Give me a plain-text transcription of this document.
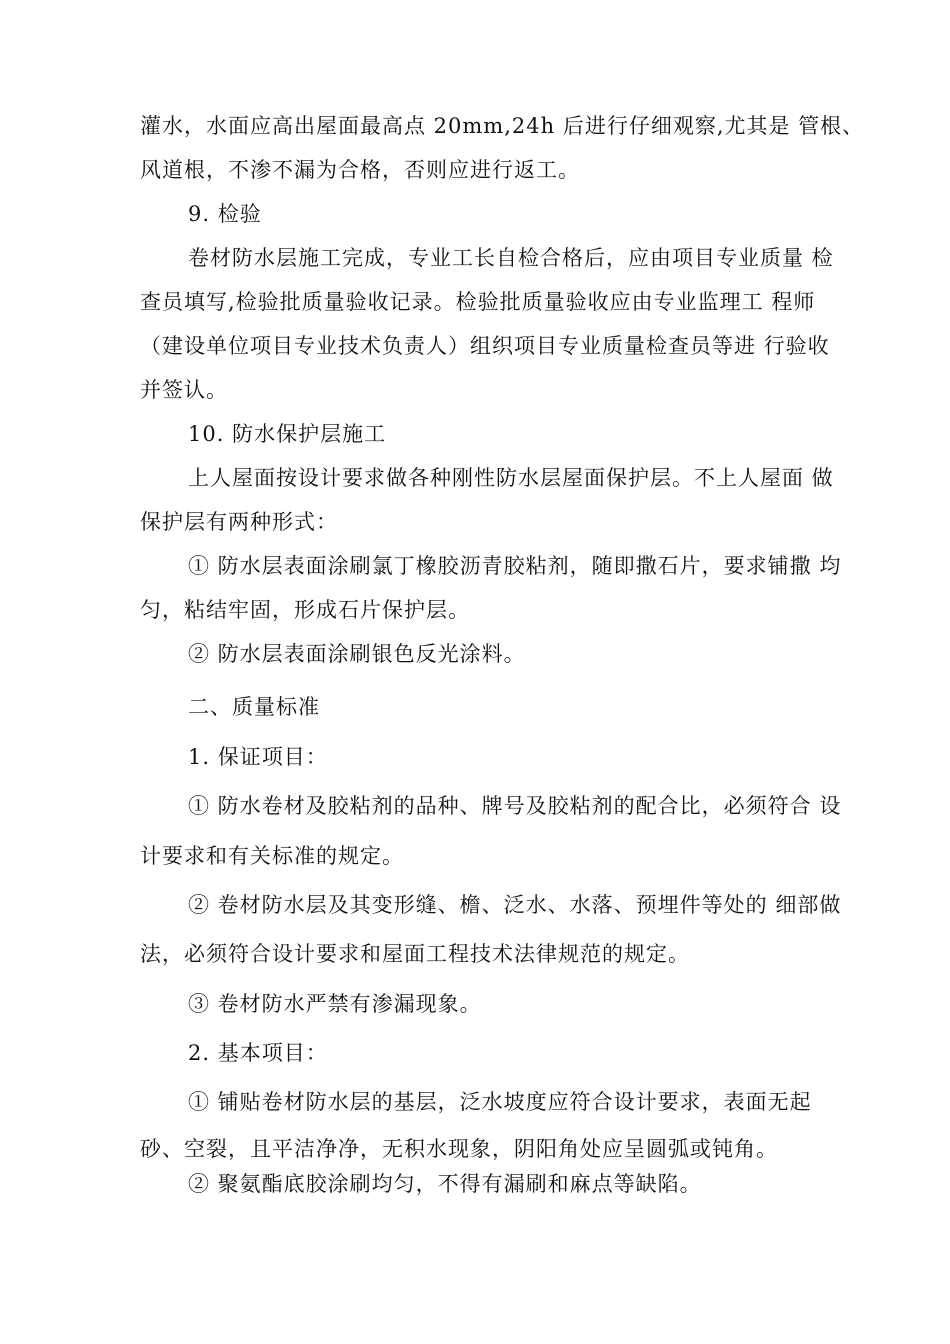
灌水，水面应高出屋面最高点 20mm,24h 后进行仔细观察,尤其是 管根、
风道根，不渗不漏为合格，否则应进行返工。
9. 检验
卷材防水层施工完成，专业工长自检合格后，应由项目专业质量 检
查员填写,检验批质量验收记录。检验批质量验收应由专业监理工 程师
（建设单位项目专业技术负责人）组织项目专业质量检查员等进 行验收
并签认。
10. 防水保护层施工
上人屋面按设计要求做各种刚性防水层屋面保护层。不上人屋面 做
保护层有两种形式：
① 防水层表面涂刷氯丁橡胶沥青胶粘剂，随即撒石片，要求铺撒 均
匀，粘结牢固，形成石片保护层。
② 防水层表面涂刷银色反光涂料。
二、质量标准
1. 保证项目：
① 防水卷材及胶粘剂的品种、牌号及胶粘剂的配合比，必须符合 设
计要求和有关标准的规定。
② 卷材防水层及其变形缝、檐、泛水、水落、预埋件等处的 细部做
法，必须符合设计要求和屋面工程技术法律规范的规定。
③ 卷材防水严禁有渗漏现象。
2. 基本项目：
① 铺贴卷材防水层的基层，泛水坡度应符合设计要求，表面无起
砂、空裂，且平洁净净，无积水现象，阴阳角处应呈圆弧或钝角。
② 聚氨酯底胶涂刷均匀，不得有漏刷和麻点等缺陷。
